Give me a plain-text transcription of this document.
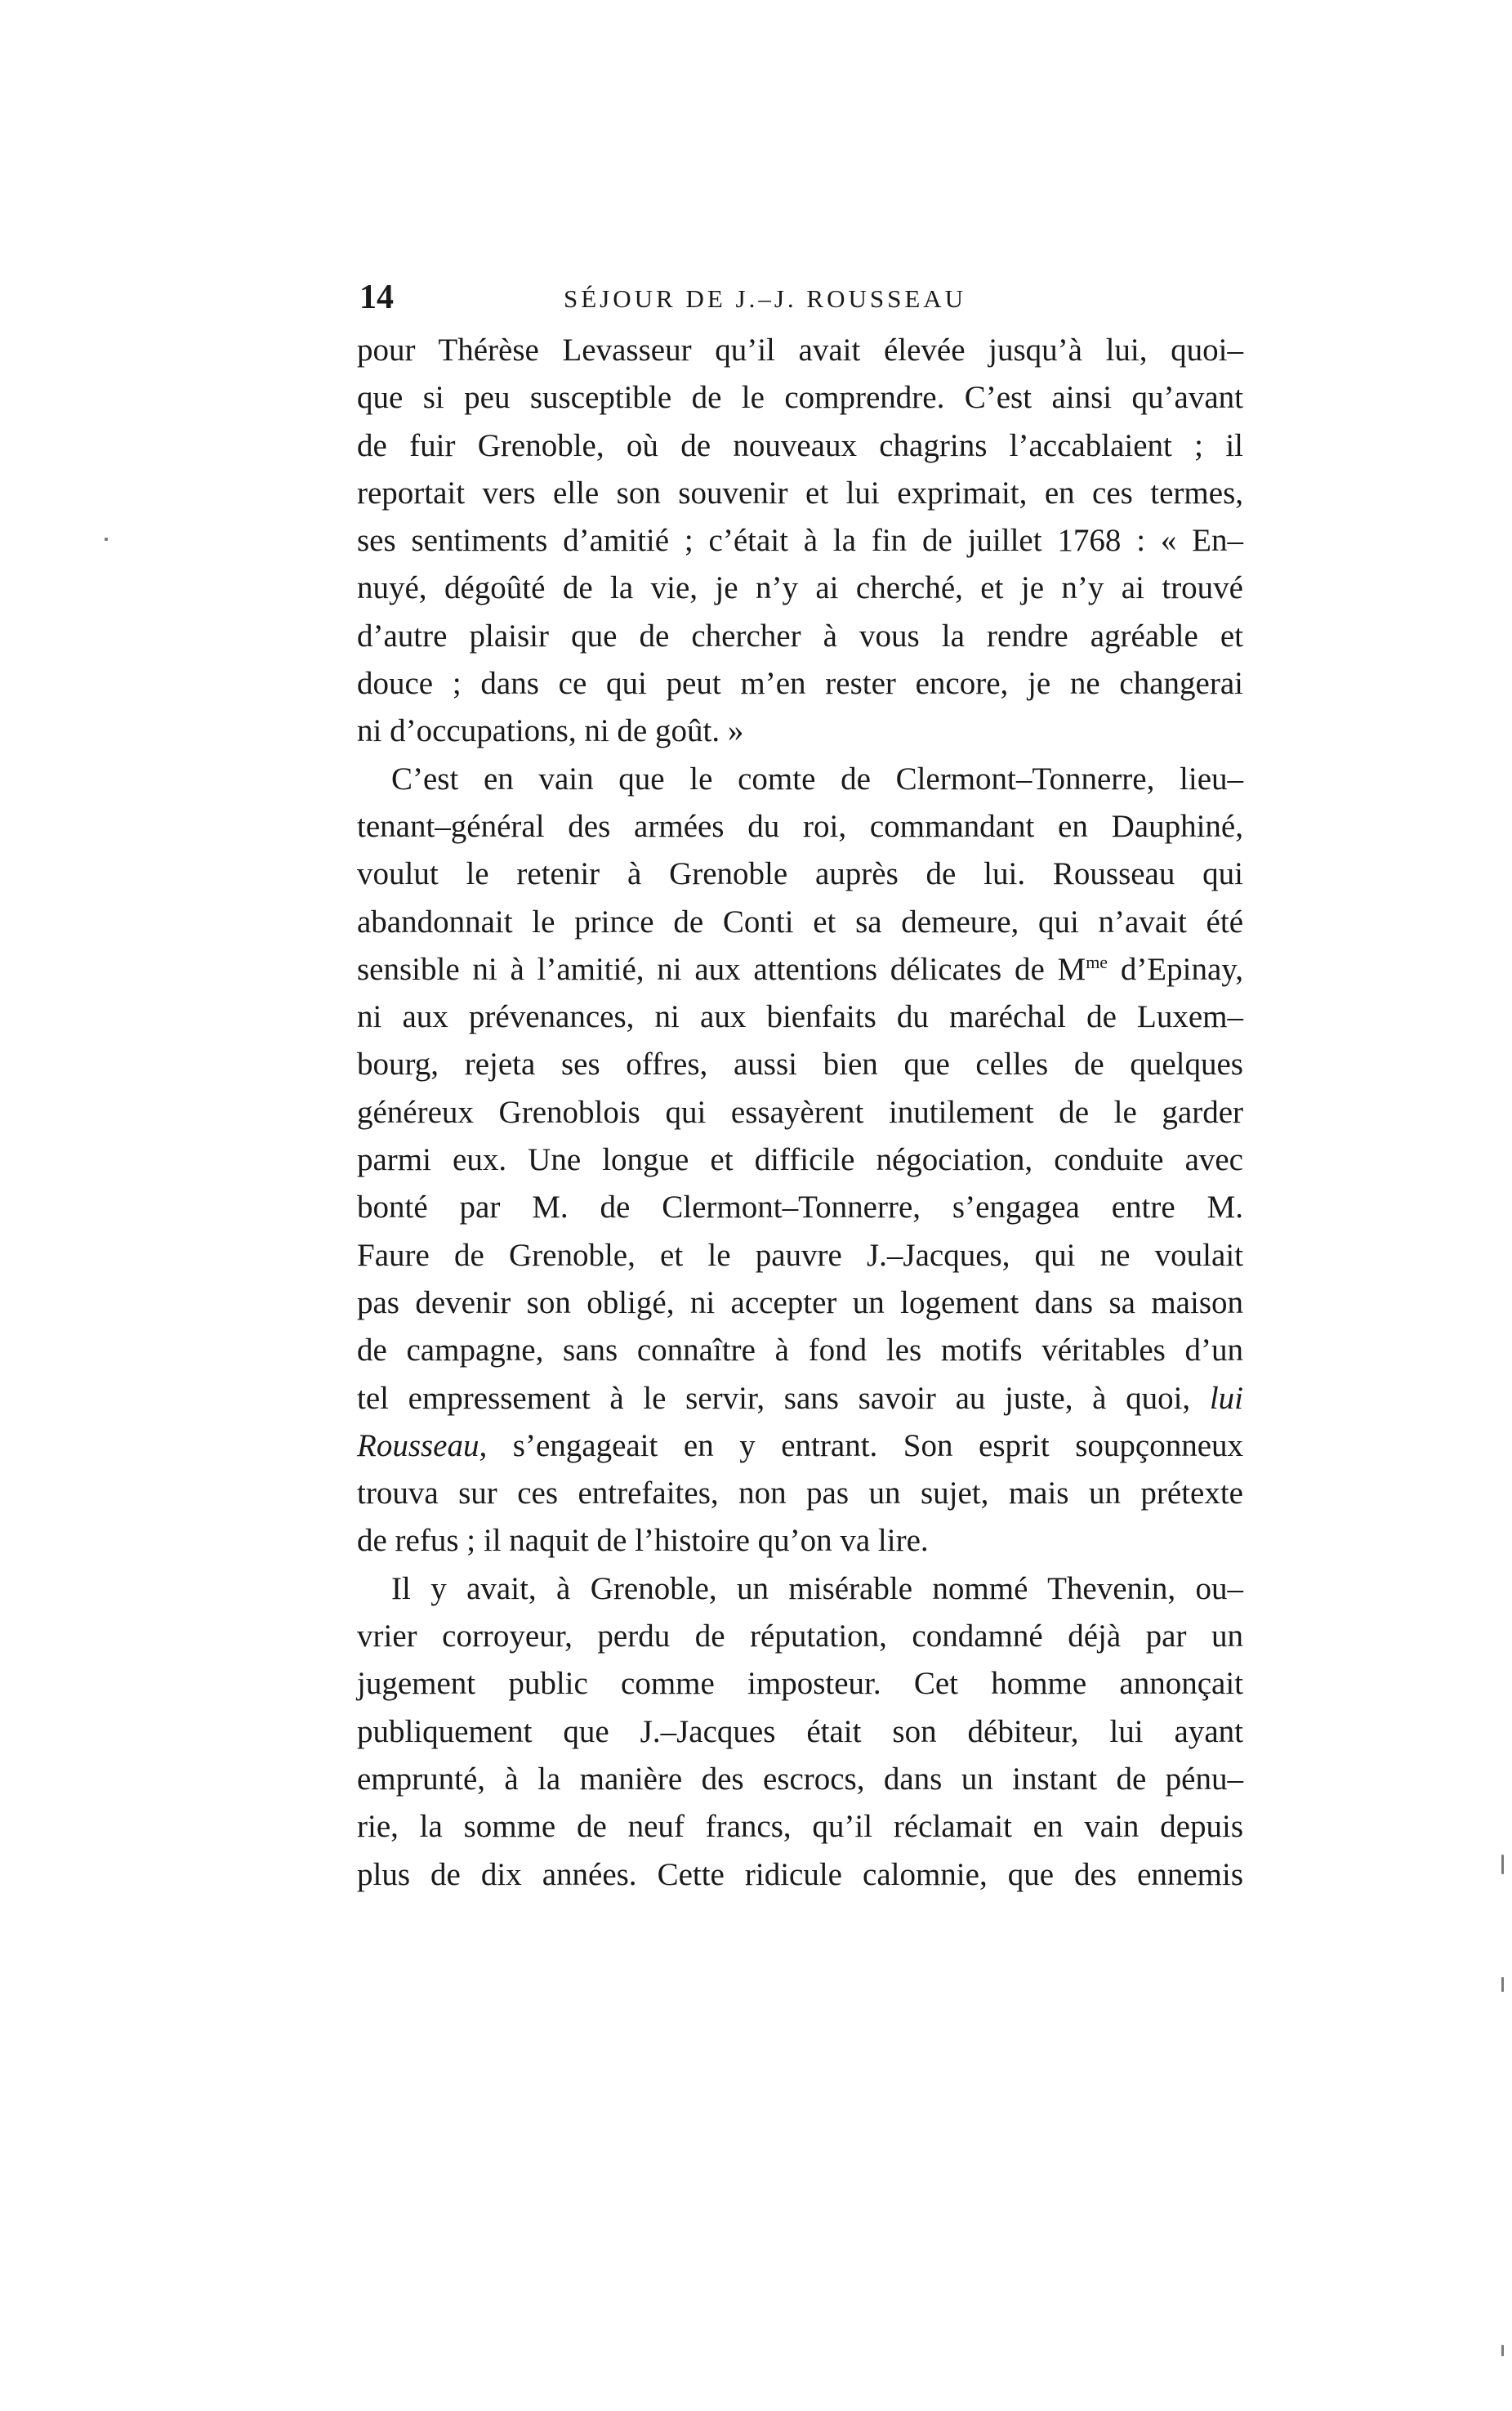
14	SÉJOUR DE J.–J. ROUSSEAU
pour Thérèse Levasseur qu’il avait élevée jusqu’à lui, quoi–
que si peu susceptible de le comprendre. C’est ainsi qu’avant
de fuir Grenoble, où de nouveaux chagrins l’accablaient ; il
reportait vers elle son souvenir et lui exprimait, en ces termes,
ses sentiments d’amitié ; c’était à la fin de juillet 1768 : « En–
nuyé, dégoûté de la vie, je n’y ai cherché, et je n’y ai trouvé
d’autre plaisir que de chercher à vous la rendre agréable et
douce ; dans ce qui peut m’en rester encore, je ne changerai
ni d’occupations, ni de goût. »
C’est en vain que le comte de Clermont–Tonnerre, lieu–
tenant–général des armées du roi, commandant en Dauphiné,
voulut le retenir à Grenoble auprès de lui. Rousseau qui
abandonnait le prince de Conti et sa demeure, qui n’avait été
sensible ni à l’amitié, ni aux attentions délicates de $M^{me}$ d’Epinay,
ni aux prévenances, ni aux bienfaits du maréchal de Luxem–
bourg, rejeta ses offres, aussi bien que celles de quelques
généreux Grenoblois qui essayèrent inutilement de le garder
parmi eux. Une longue et difficile négociation, conduite avec
bonté par M. de Clermont–Tonnerre, s’engagea entre M.
Faure de Grenoble, et le pauvre J.–Jacques, qui ne voulait
pas devenir son obligé, ni accepter un logement dans sa maison
de campagne, sans connaître à fond les motifs véritables d’un
tel empressement à le servir, sans savoir au juste, à quoi, lui
Rousseau, s’engageait en y entrant. Son esprit soupçonneux
trouva sur ces entrefaites, non pas un sujet, mais un prétexte
de refus ; il naquit de l’histoire qu’on va lire.
Il y avait, à Grenoble, un misérable nommé Thevenin, ou–
vrier corroyeur, perdu de réputation, condamné déjà par un
jugement public comme imposteur. Cet homme annonçait
publiquement que J.–Jacques était son débiteur, lui ayant
emprunté, à la manière des escrocs, dans un instant de pénu–
rie, la somme de neuf francs, qu’il réclamait en vain depuis
plus de dix années. Cette ridicule calomnie, que des ennemis
